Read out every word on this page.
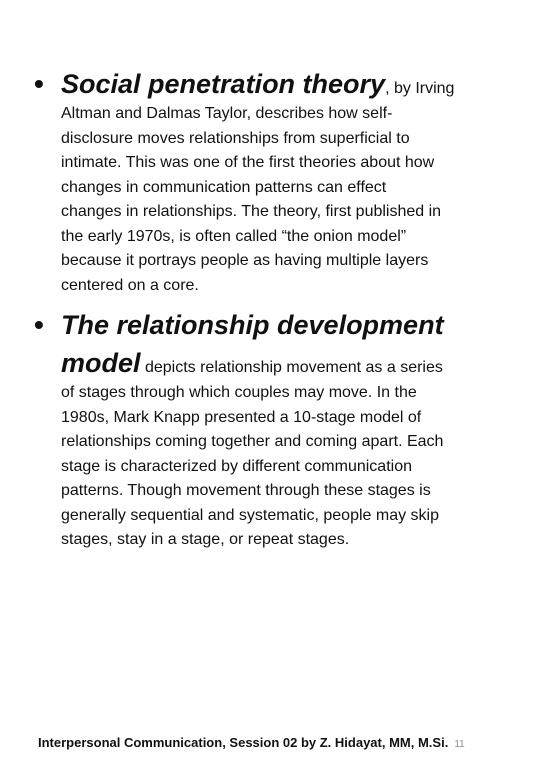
• Social penetration theory, by Irving
Altman and Dalmas Taylor, describes how self-
disclosure moves relationships from superficial to
intimate. This was one of the first theories about how
changes in communication patterns can effect
changes in relationships. The theory, first published in
the early 1970s, is often called “the onion model”
because it portrays people as having multiple layers
centered on a core.
• The relationship development
model depicts relationship movement as a series
of stages through which couples may move. In the
1980s, Mark Knapp presented a 10-stage model of
relationships coming together and coming apart. Each
stage is characterized by different communication
patterns. Though movement through these stages is
generally sequential and systematic, people may skip
stages, stay in a stage, or repeat stages.
Interpersonal Communication, Session 02 by Z. Hidayat, MM, M.Si. 11
